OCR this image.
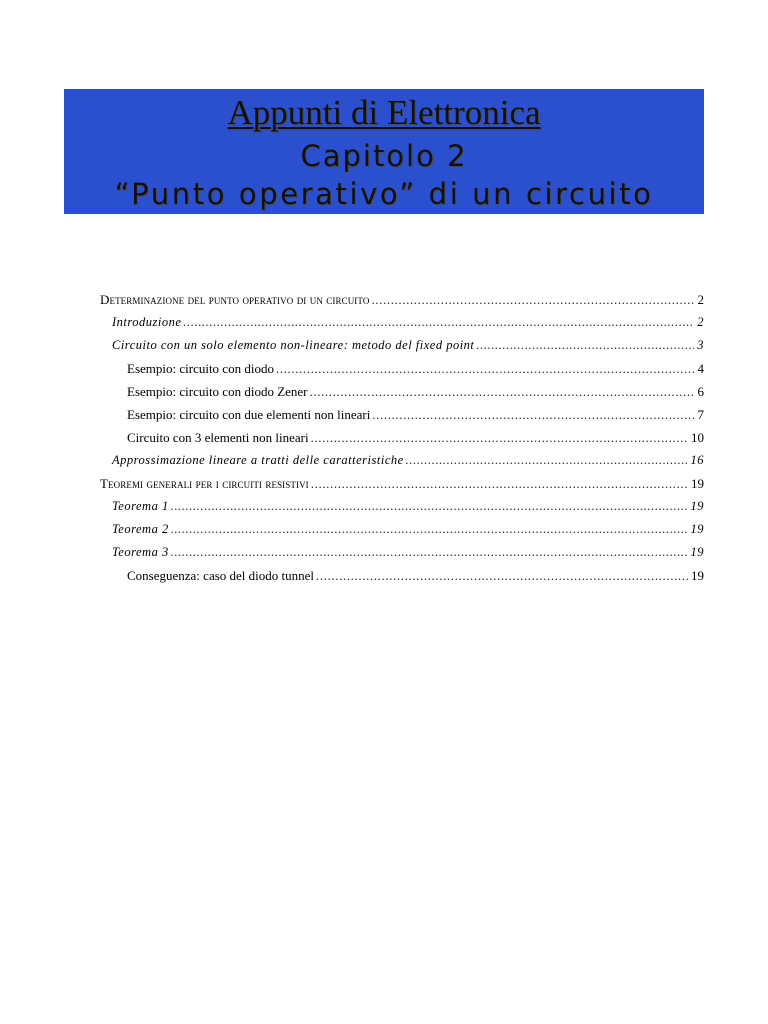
Appunti di Elettronica
Capitolo 2
“Punto operativo” di un circuito
Determinazione del punto operativo di un circuito .....	2
Introduzione .....	2
Circuito con un solo elemento non-lineare: metodo del fixed point .....	3
Esempio: circuito con diodo .....	4
Esempio: circuito con diodo Zener .....	6
Esempio: circuito con due elementi non lineari .....	7
Circuito con 3 elementi non lineari .....	10
Approssimazione lineare a tratti delle caratteristiche .....	16
Teoremi generali per i circuiti resistivi .....	19
Teorema 1 .....	19
Teorema 2 .....	19
Teorema 3 .....	19
Conseguenza: caso del diodo tunnel .....	19
